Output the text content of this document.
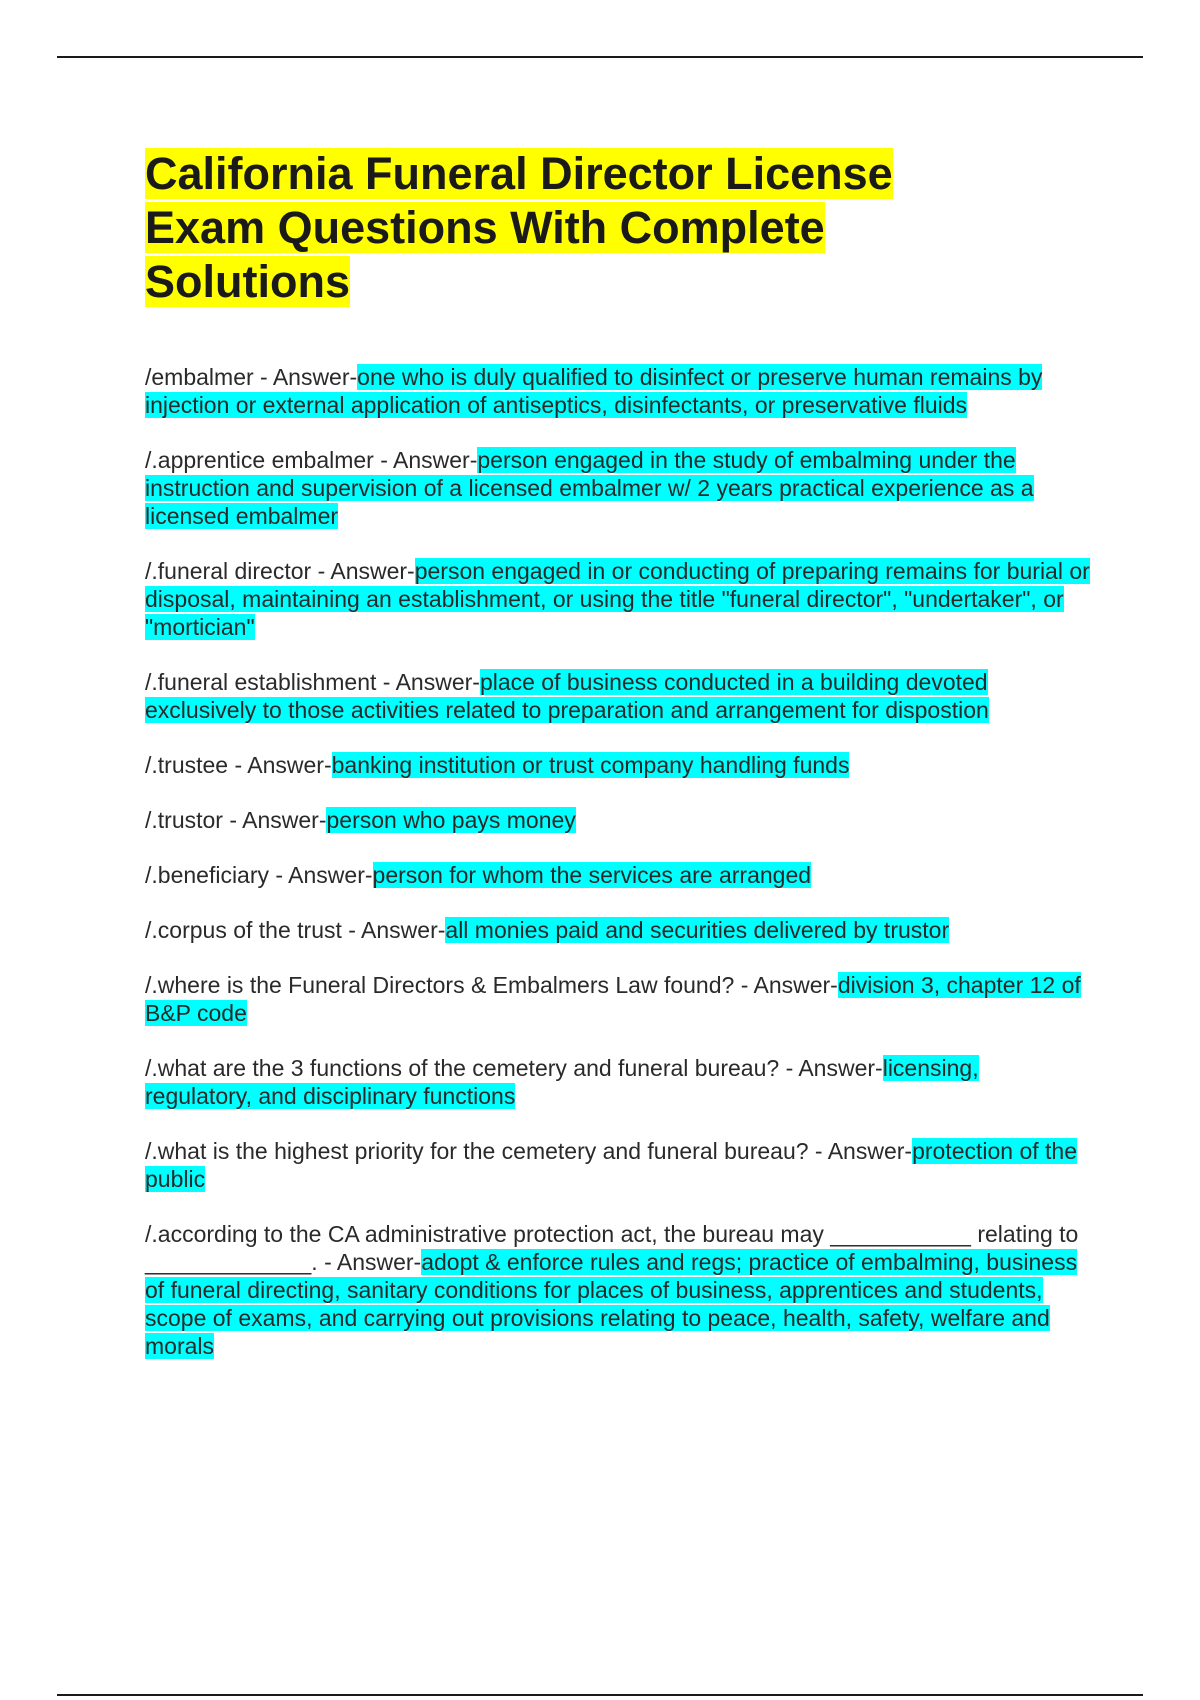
California Funeral Director License Exam Questions With Complete Solutions

/embalmer - Answer-one who is duly qualified to disinfect or preserve human remains by injection or external application of antiseptics, disinfectants, or preservative fluids

/.apprentice embalmer - Answer-person engaged in the study of embalming under the instruction and supervision of a licensed embalmer w/ 2 years practical experience as a licensed embalmer

/.funeral director - Answer-person engaged in or conducting of preparing remains for burial or disposal, maintaining an establishment, or using the title "funeral director", "undertaker", or "mortician"

/.funeral establishment - Answer-place of business conducted in a building devoted exclusively to those activities related to preparation and arrangement for dispostion

/.trustee - Answer-banking institution or trust company handling funds

/.trustor - Answer-person who pays money

/.beneficiary - Answer-person for whom the services are arranged

/.corpus of the trust - Answer-all monies paid and securities delivered by trustor

/.where is the Funeral Directors & Embalmers Law found? - Answer-division 3, chapter 12 of B&P code

/.what are the 3 functions of the cemetery and funeral bureau? - Answer-licensing, regulatory, and disciplinary functions

/.what is the highest priority for the cemetery and funeral bureau? - Answer-protection of the public

/.according to the CA administrative protection act, the bureau may ___________ relating to _____________. - Answer-adopt & enforce rules and regs; practice of embalming, business of funeral directing, sanitary conditions for places of business, apprentices and students, scope of exams, and carrying out provisions relating to peace, health, safety, welfare and morals
